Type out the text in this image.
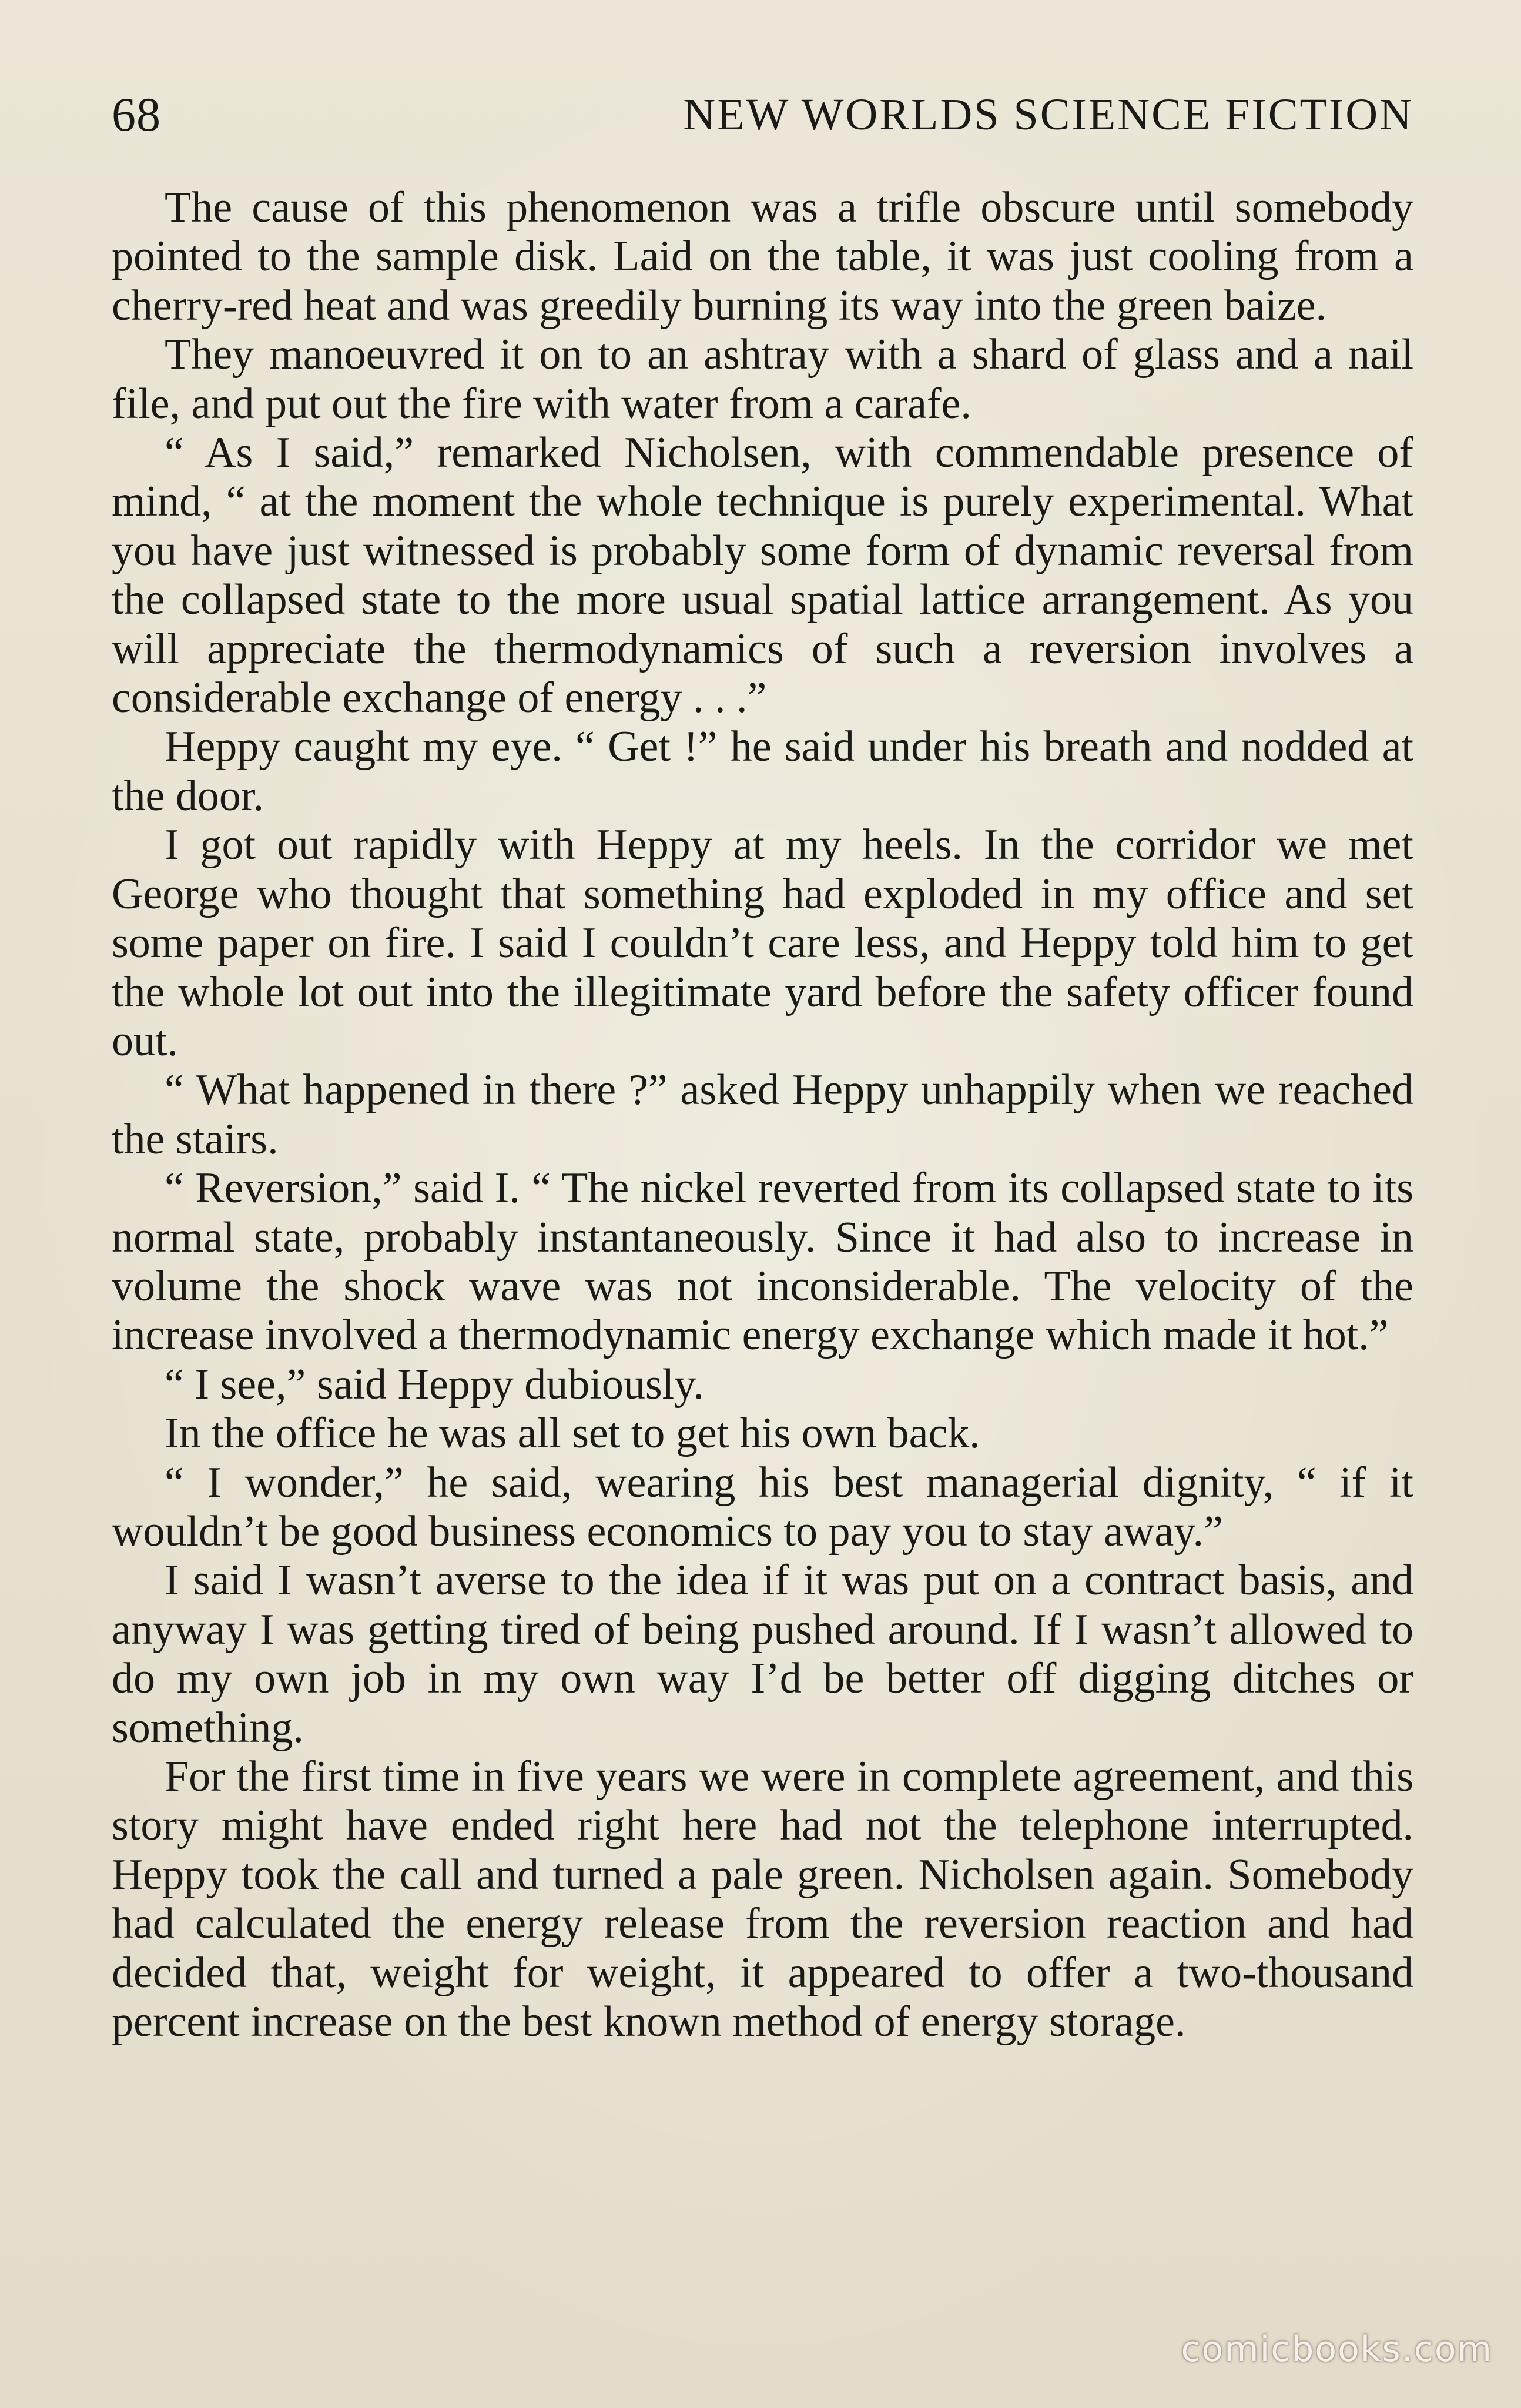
68	NEW WORLDS SCIENCE FICTION

The cause of this phenomenon was a trifle obscure until somebody pointed to the sample disk. Laid on the table, it was just cooling from a cherry-red heat and was greedily burning its way into the green baize.

They manoeuvred it on to an ashtray with a shard of glass and a nail file, and put out the fire with water from a carafe.

“ As I said,” remarked Nicholsen, with commendable presence of mind, “ at the moment the whole technique is purely experimental. What you have just witnessed is probably some form of dynamic reversal from the collapsed state to the more usual spatial lattice arrangement. As you will appreciate the thermodynamics of such a reversion involves a considerable exchange of energy . . .”

Heppy caught my eye. “ Get !” he said under his breath and nodded at the door.

I got out rapidly with Heppy at my heels. In the corridor we met George who thought that something had exploded in my office and set some paper on fire. I said I couldn’t care less, and Heppy told him to get the whole lot out into the illegitimate yard before the safety officer found out.

“ What happened in there ?” asked Heppy unhappily when we reached the stairs.

“ Reversion,” said I. “ The nickel reverted from its collapsed state to its normal state, probably instantaneously. Since it had also to increase in volume the shock wave was not inconsiderable. The velocity of the increase involved a thermodynamic energy exchange which made it hot.”

“ I see,” said Heppy dubiously.

In the office he was all set to get his own back.

“ I wonder,” he said, wearing his best managerial dignity, “ if it wouldn’t be good business economics to pay you to stay away.”

I said I wasn’t averse to the idea if it was put on a contract basis, and anyway I was getting tired of being pushed around. If I wasn’t allowed to do my own job in my own way I’d be better off digging ditches or something.

For the first time in five years we were in complete agreement, and this story might have ended right here had not the telephone interrupted. Heppy took the call and turned a pale green. Nicholsen again. Somebody had calculated the energy release from the reversion reaction and had decided that, weight for weight, it appeared to offer a two-thousand percent increase on the best known method of energy storage.

comicbooks.com
